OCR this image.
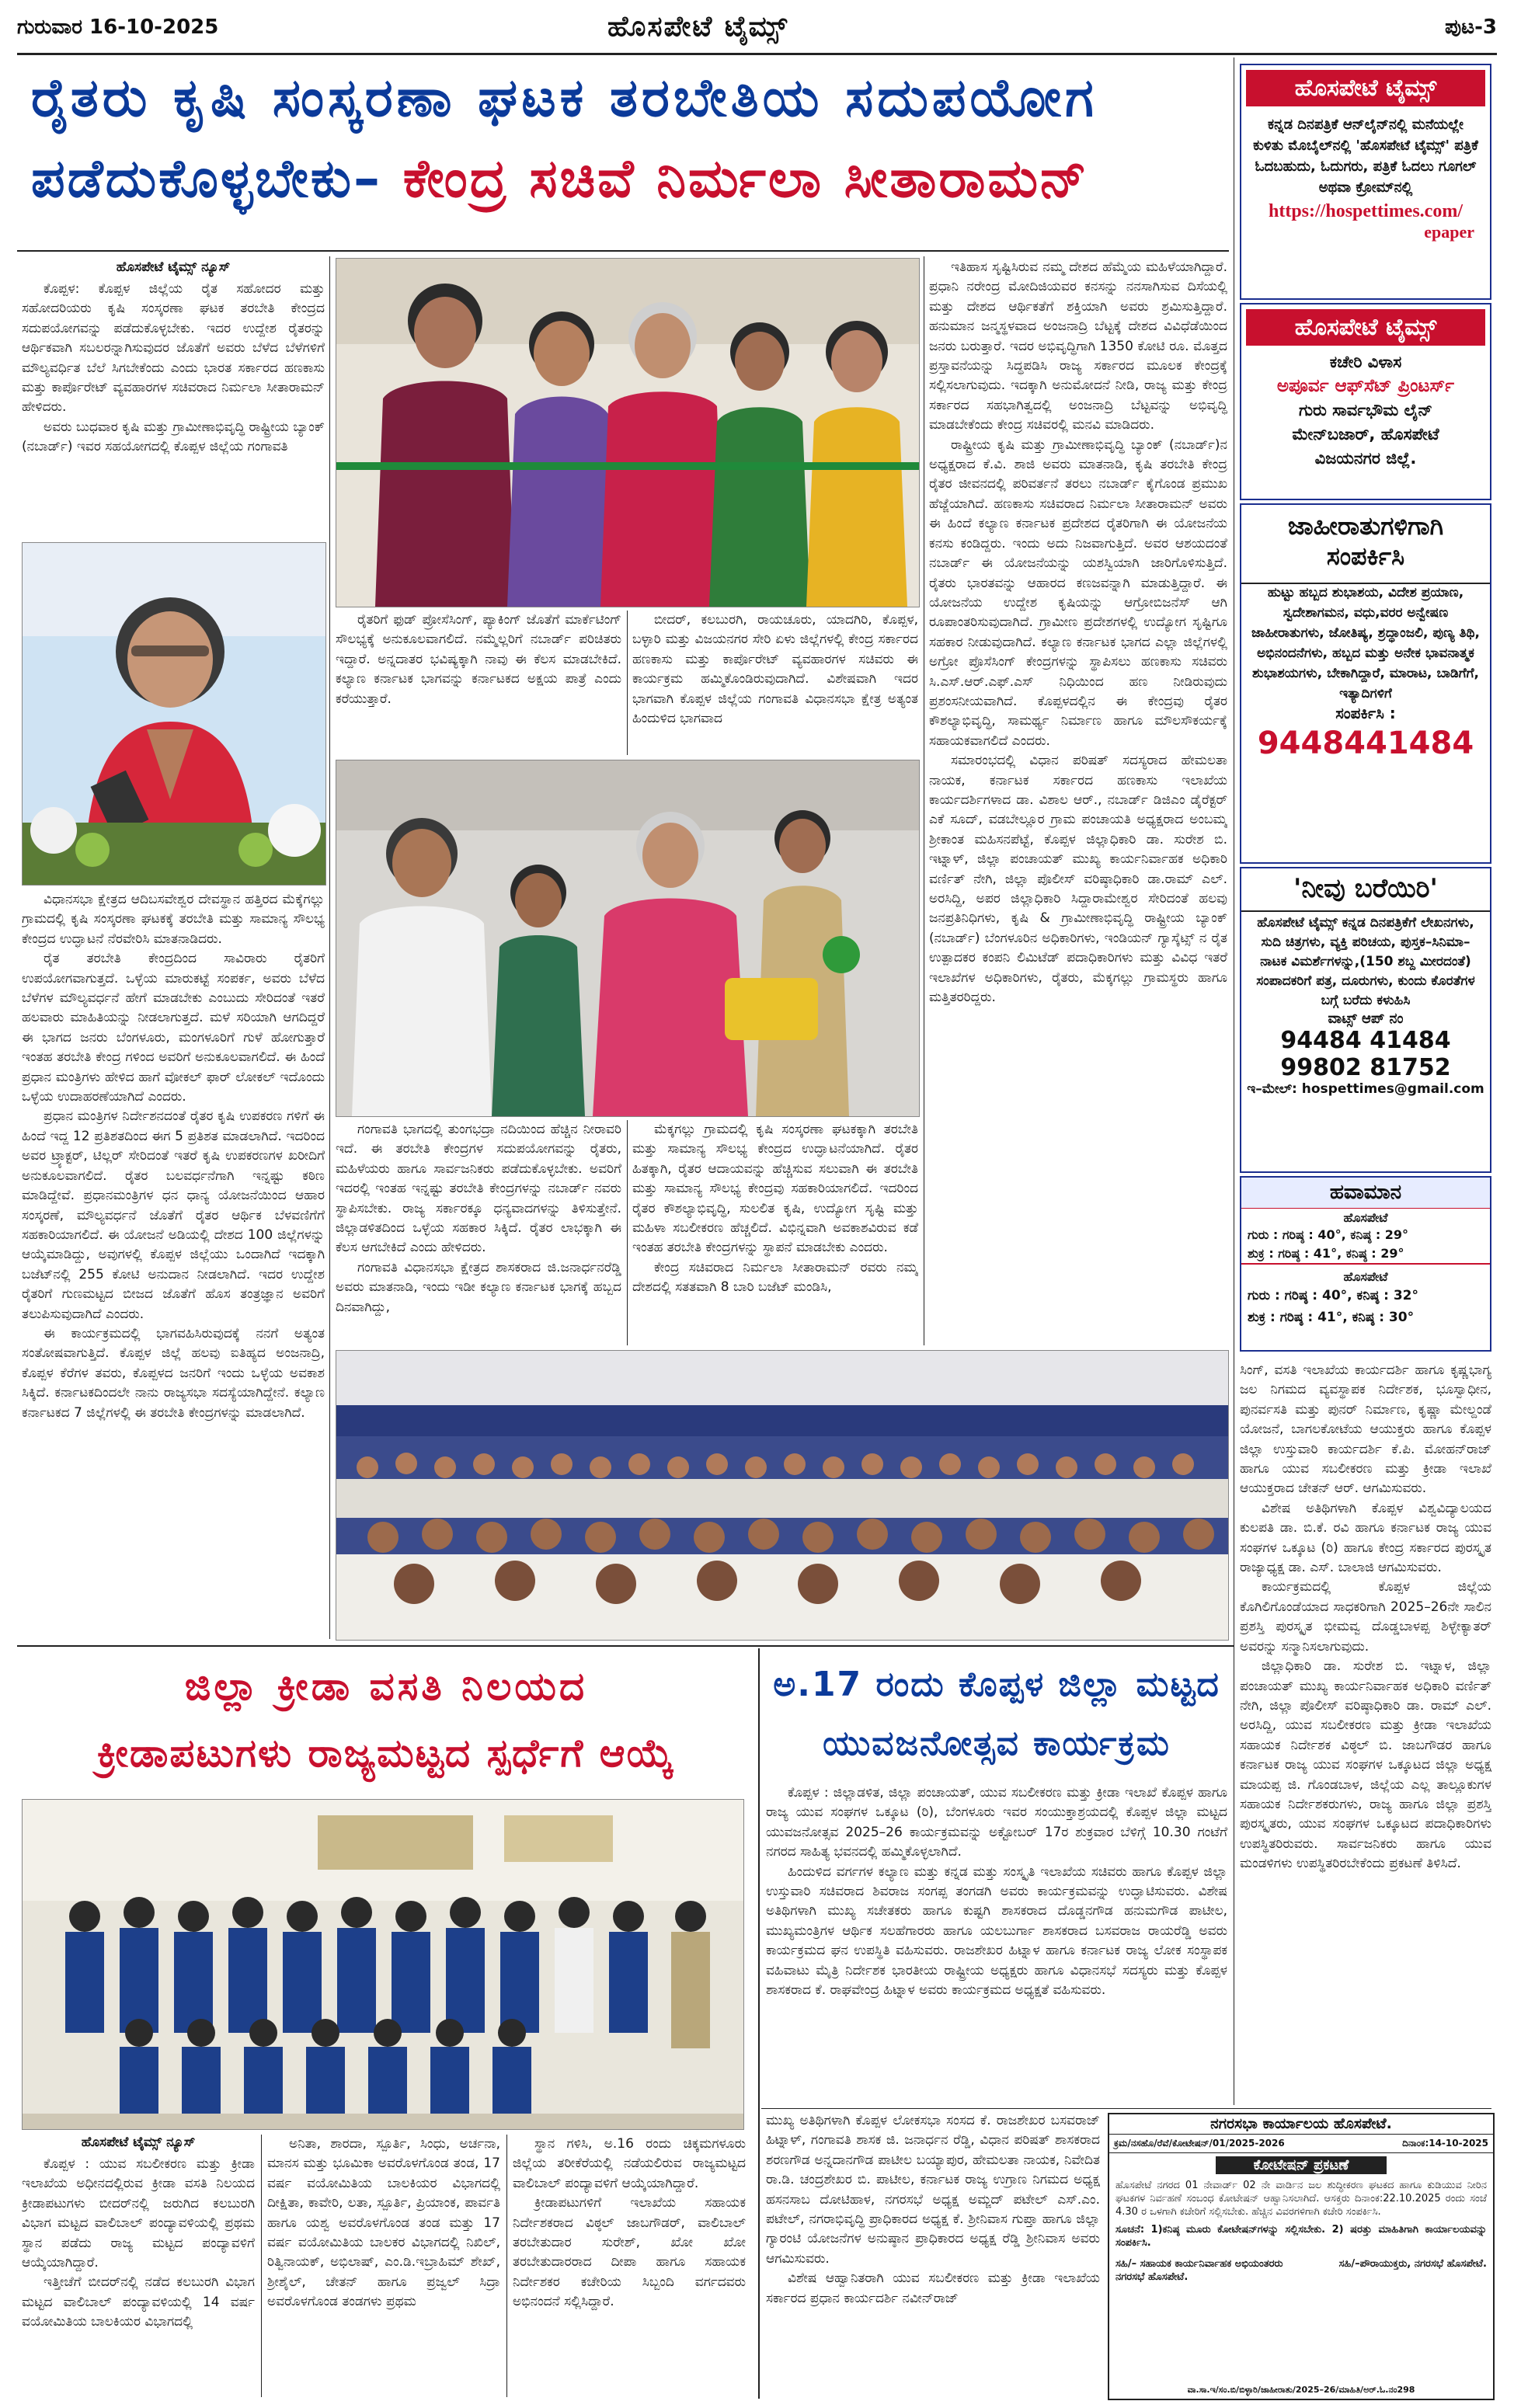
ಗುರುವಾರ 16-10-2025	ಹೊಸಪೇಟೆ ಟೈಮ್ಸ್	ಪುಟ-3
ರೈತರು ಕೃಷಿ ಸಂಸ್ಕರಣಾ ಘಟಕ ತರಬೇತಿಯ ಸದುಪಯೋಗ
ಪಡೆದುಕೊಳ್ಳಬೇಕು– ಕೇಂದ್ರ ಸಚಿವೆ ನಿರ್ಮಲಾ ಸೀತಾರಾಮನ್
ಹೊಸಪೇಟೆ ಟೈಮ್ಸ್ ನ್ಯೂಸ್

ಕೊಪ್ಪಳ: ಕೊಪ್ಪಳ ಜಿಲ್ಲೆಯ ರೈತ ಸಹೋದರ ಮತ್ತು ಸಹೋದರಿಯರು ಕೃಷಿ ಸಂಸ್ಕರಣಾ ಘಟಕ ತರಬೇತಿ ಕೇಂದ್ರದ ಸದುಪಯೋಗವನ್ನು ಪಡೆದುಕೊಳ್ಳಬೇಕು. ಇದರ ಉದ್ದೇಶ ರೈತರನ್ನು ಆರ್ಥಿಕವಾಗಿ ಸಬಲರನ್ನಾಗಿಸುವುದರ ಜೊತೆಗೆ ಅವರು ಬೆಳೆದ ಬೆಳೆಗಳಿಗೆ ಮೌಲ್ಯವರ್ಧಿತ ಬೆಲೆ ಸಿಗಬೇಕೆಂದು ಎಂದು ಭಾರತ ಸರ್ಕಾರದ ಹಣಕಾಸು ಮತ್ತು ಕಾರ್ಪೊರೇಟ್ ವ್ಯವಹಾರಗಳ ಸಚಿವರಾದ ನಿರ್ಮಲಾ ಸೀತಾರಾಮನ್ ಹೇಳಿದರು.

ಅವರು ಬುಧವಾರ ಕೃಷಿ ಮತ್ತು ಗ್ರಾಮೀಣಾಭಿವೃದ್ಧಿ ರಾಷ್ಟ್ರೀಯ ಬ್ಯಾಂಕ್ (ನಬಾರ್ಡ್) ಇವರ ಸಹಯೋಗದಲ್ಲಿ ಕೊಪ್ಪಳ ಜಿಲ್ಲೆಯ ಗಂಗಾವತಿ

ವಿಧಾನಸಭಾ ಕ್ಷೇತ್ರದ ಆದಿಬಸವೇಶ್ವರ ದೇವಸ್ಥಾನ ಹತ್ತಿರದ ಮೆಕ್ಕೆಗಲ್ಲು ಗ್ರಾಮದಲ್ಲಿ ಕೃಷಿ ಸಂಸ್ಕರಣಾ ಘಟಕಕ್ಕೆ ತರಬೇತಿ ಮತ್ತು ಸಾಮಾನ್ಯ ಸೌಲಭ್ಯ ಕೇಂದ್ರದ ಉದ್ಘಾಟನೆ ನೆರವೇರಿಸಿ ಮಾತನಾಡಿದರು.

ರೈತ ತರಬೇತಿ ಕೇಂದ್ರದಿಂದ ಸಾವಿರಾರು ರೈತರಿಗೆ ಉಪಯೋಗವಾಗುತ್ತದೆ. ಒಳ್ಳೆಯ ಮಾರುಕಟ್ಟೆ ಸಂಪರ್ಕ, ಅವರು ಬೆಳೆದ ಬೆಳೆಗಳ ಮೌಲ್ಯವರ್ಧನೆ ಹೇಗೆ ಮಾಡಬೇಕು ಎಂಬುದು ಸೇರಿದಂತೆ ಇತರೆ ಹಲವಾರು ಮಾಹಿತಿಯನ್ನು ನೀಡಲಾಗುತ್ತದೆ. ಮಳೆ ಸರಿಯಾಗಿ ಆಗದಿದ್ದರೆ ಈ ಭಾಗದ ಜನರು ಬೆಂಗಳೂರು, ಮಂಗಳೂರಿಗೆ ಗುಳೆ ಹೋಗುತ್ತಾರೆ ಇಂತಹ ತರಬೇತಿ ಕೇಂದ್ರ ಗಳಿಂದ ಅವರಿಗೆ ಅನುಕೂಲವಾಗಲಿದೆ. ಈ ಹಿಂದೆ ಪ್ರಧಾನ ಮಂತ್ರಿಗಳು ಹೇಳಿದ ಹಾಗೆ ವೋಕಲ್ ಫಾರ್ ಲೋಕಲ್ ಇದೊಂದು ಒಳ್ಳೆಯ ಉದಾಹರಣೆಯಾಗಿದೆ ಎಂದರು.

ಪ್ರಧಾನ ಮಂತ್ರಿಗಳ ನಿರ್ದೇಶನದಂತೆ ರೈತರ ಕೃಷಿ ಉಪಕರಣ ಗಳಿಗೆ ಈ ಹಿಂದೆ ಇದ್ದ 12 ಪ್ರತಿಶತದಿಂದ ಈಗ 5 ಪ್ರತಿಶತ ಮಾಡಲಾಗಿದೆ. ಇದರಿಂದ ಅವರ ಟ್ರ್ಯಾಕ್ಟರ್, ಟಿಲ್ಲರ್ ಸೇರಿದಂತೆ ಇತರೆ ಕೃಷಿ ಉಪಕರಣಗಳ ಖರೀದಿಗೆ ಅನುಕೂಲವಾಗಲಿದೆ. ರೈತರ ಬಲವರ್ಧನೆಗಾಗಿ ಇನ್ನಷ್ಟು ಕಠಿಣ ಮಾಡಿದ್ದೇವೆ. ಪ್ರಧಾನಮಂತ್ರಿಗಳ ಧನ ಧಾನ್ಯ ಯೋಜನೆಯಿಂದ ಆಹಾರ ಸಂಸ್ಕರಣೆ, ಮೌಲ್ಯವರ್ಧನೆ ಜೊತೆಗೆ ರೈತರ ಆರ್ಥಿಕ ಬೆಳವಣಿಗೆಗೆ ಸಹಕಾರಿಯಾಗಲಿದೆ. ಈ ಯೋಜನೆ ಅಡಿಯಲ್ಲಿ ದೇಶದ 100 ಜಿಲ್ಲೆಗಳನ್ನು ಆಯ್ಕೆಮಾಡಿದ್ದು, ಅವುಗಳಲ್ಲಿ ಕೊಪ್ಪಳ ಜಿಲ್ಲೆಯು ಒಂದಾಗಿದೆ ಇದಕ್ಕಾಗಿ ಬಜೆಟ್‌ನಲ್ಲಿ 255 ಕೋಟಿ ಅನುದಾನ ನೀಡಲಾಗಿದೆ. ಇದರ ಉದ್ದೇಶ ರೈತರಿಗೆ ಗುಣಮಟ್ಟದ ಬೀಜದ ಜೊತೆಗೆ ಹೊಸ ತಂತ್ರಜ್ಞಾನ ಅವರಿಗೆ ತಲುಪಿಸುವುದಾಗಿದೆ ಎಂದರು.

ಈ ಕಾರ್ಯಕ್ರಮದಲ್ಲಿ ಭಾಗವಹಿಸಿರುವುದಕ್ಕೆ ನನಗೆ ಅತ್ಯಂತ ಸಂತೋಷವಾಗುತ್ತಿದೆ. ಕೊಪ್ಪಳ ಜಿಲ್ಲೆ ಹಲವು ಐತಿಹ್ಯದ ಅಂಜನಾದ್ರಿ, ಕೊಪ್ಪಳ ಕೆರೆಗಳ ತವರು, ಕೊಪ್ಪಳದ ಜನರಿಗೆ ಇಂದು ಒಳ್ಳೆಯ ಅವಕಾಶ ಸಿಕ್ಕಿದೆ. ಕರ್ನಾಟಕದಿಂದಲೇ ನಾನು ರಾಜ್ಯಸಭಾ ಸದಸ್ಯೆಯಾಗಿದ್ದೇನೆ. ಕಲ್ಯಾಣ ಕರ್ನಾಟಕದ 7 ಜಿಲ್ಲೆಗಳಲ್ಲಿ ಈ ತರಬೇತಿ ಕೇಂದ್ರಗಳನ್ನು ಮಾಡಲಾಗಿದೆ.

ರೈತರಿಗೆ ಫುಡ್ ಪ್ರೋಸೆಸಿಂಗ್, ಪ್ಯಾಕಿಂಗ್ ಜೊತೆಗೆ ಮಾರ್ಕೆಟಿಂಗ್ ಸೌಲಭ್ಯಕ್ಕೆ ಅನುಕೂಲವಾಗಲಿದೆ. ನಮ್ಮೆಲ್ಲರಿಗೆ ನಬಾರ್ಡ್ ಪರಿಚಿತರು ಇದ್ದಾರೆ. ಅನ್ನದಾತರ ಭವಿಷ್ಯಕ್ಕಾಗಿ ನಾವು ಈ ಕೆಲಸ ಮಾಡಬೇಕಿದೆ. ಕಲ್ಯಾಣ ಕರ್ನಾಟಕ ಭಾಗವನ್ನು ಕರ್ನಾಟಕದ ಅಕ್ಷಯ ಪಾತ್ರೆ ಎಂದು ಕರೆಯುತ್ತಾರೆ.

ಬೀದರ್, ಕಲಬುರಗಿ, ರಾಯಚೂರು, ಯಾದಗಿರಿ, ಕೊಪ್ಪಳ, ಬಳ್ಳಾರಿ ಮತ್ತು ವಿಜಯನಗರ ಸೇರಿ ಏಳು ಜಿಲ್ಲೆಗಳಲ್ಲಿ ಕೇಂದ್ರ ಸರ್ಕಾರದ ಹಣಕಾಸು ಮತ್ತು ಕಾರ್ಪೊರೇಟ್ ವ್ಯವಹಾರಗಳ ಸಚಿವರು ಈ ಕಾರ್ಯಕ್ರಮ ಹಮ್ಮಿಕೊಂಡಿರುವುದಾಗಿದೆ. ವಿಶೇಷವಾಗಿ ಇದರ ಭಾಗವಾಗಿ ಕೊಪ್ಪಳ ಜಿಲ್ಲೆಯ ಗಂಗಾವತಿ ವಿಧಾನಸಭಾ ಕ್ಷೇತ್ರ ಅತ್ಯಂತ ಹಿಂದುಳಿದ ಭಾಗವಾದ

ಗಂಗಾವತಿ ಭಾಗದಲ್ಲಿ ತುಂಗಭದ್ರಾ ನದಿಯಿಂದ ಹೆಚ್ಚಿನ ನೀರಾವರಿ ಇದೆ. ಈ ತರಬೇತಿ ಕೇಂದ್ರಗಳ ಸದುಪಯೋಗವನ್ನು ರೈತರು, ಮಹಿಳೆಯರು ಹಾಗೂ ಸಾರ್ವಜನಿಕರು ಪಡೆದುಕೊಳ್ಳಬೇಕು. ಅವರಿಗೆ ಇದರಲ್ಲಿ ಇಂತಹ ಇನ್ನಷ್ಟು ತರಬೇತಿ ಕೇಂದ್ರಗಳನ್ನು ನಬಾರ್ಡ್ ನವರು ಸ್ಥಾಪಿಸಬೇಕು. ರಾಜ್ಯ ಸರ್ಕಾರಕ್ಕೂ ಧನ್ಯವಾದಗಳನ್ನು ತಿಳಿಸುತ್ತೇನೆ. ಜಿಲ್ಲಾಡಳಿತದಿಂದ ಒಳ್ಳೆಯ ಸಹಕಾರ ಸಿಕ್ಕಿದೆ. ರೈತರ ಲಾಭಕ್ಕಾಗಿ ಈ ಕೆಲಸ ಆಗಬೇಕಿದೆ ಎಂದು ಹೇಳಿದರು.

ಗಂಗಾವತಿ ವಿಧಾನಸಭಾ ಕ್ಷೇತ್ರದ ಶಾಸಕರಾದ ಜಿ.ಜನಾರ್ಧನರೆಡ್ಡಿ ಅವರು ಮಾತನಾಡಿ, ಇಂದು ಇಡೀ ಕಲ್ಯಾಣ ಕರ್ನಾಟಕ ಭಾಗಕ್ಕೆ ಹಬ್ಬದ ದಿನವಾಗಿದ್ದು,

ಮೆಕ್ಕಗಲ್ಲು ಗ್ರಾಮದಲ್ಲಿ ಕೃಷಿ ಸಂಸ್ಕರಣಾ ಘಟಕಕ್ಕಾಗಿ ತರಬೇತಿ ಮತ್ತು ಸಾಮಾನ್ಯ ಸೌಲಭ್ಯ ಕೇಂದ್ರದ ಉದ್ಘಾಟನೆಯಾಗಿದೆ. ರೈತರ ಹಿತಕ್ಕಾಗಿ, ರೈತರ ಆದಾಯವನ್ನು ಹೆಚ್ಚಿಸುವ ಸಲುವಾಗಿ ಈ ತರಬೇತಿ ಮತ್ತು ಸಾಮಾನ್ಯ ಸೌಲಭ್ಯ ಕೇಂದ್ರವು ಸಹಕಾರಿಯಾಗಲಿದೆ. ಇದರಿಂದ ರೈತರ ಕೌಶಲ್ಯಾಭಿವೃದ್ಧಿ, ಸುಲಲಿತ ಕೃಷಿ, ಉದ್ಯೋಗ ಸೃಷ್ಟಿ ಮತ್ತು ಮಹಿಳಾ ಸಬಲೀಕರಣ ಹೆಚ್ಚಲಿದೆ. ವಿಭಿನ್ನವಾಗಿ ಅವಕಾಶವಿರುವ ಕಡೆ ಇಂತಹ ತರಬೇತಿ ಕೇಂದ್ರಗಳನ್ನು ಸ್ಥಾಪನೆ ಮಾಡಬೇಕು ಎಂದರು.

ಕೇಂದ್ರ ಸಚಿವರಾದ ನಿರ್ಮಲಾ ಸೀತಾರಾಮನ್ ರವರು ನಮ್ಮ ದೇಶದಲ್ಲಿ ಸತತವಾಗಿ 8 ಬಾರಿ ಬಜೆಟ್ ಮಂಡಿಸಿ,

ಇತಿಹಾಸ ಸೃಷ್ಟಿಸಿರುವ ನಮ್ಮ ದೇಶದ ಹೆಮ್ಮೆಯ ಮಹಿಳೆಯಾಗಿದ್ದಾರೆ. ಪ್ರಧಾನಿ ನರೇಂದ್ರ ಮೋದಿಜಿಯವರ ಕನಸನ್ನು ನನಸಾಗಿಸುವ ದಿಸೆಯಲ್ಲಿ ಮತ್ತು ದೇಶದ ಆರ್ಥಿಕತೆಗೆ ಶಕ್ತಿಯಾಗಿ ಅವರು ಶ್ರಮಿಸುತ್ತಿದ್ದಾರೆ. ಹನುಮಾನ ಜನ್ಮಸ್ಥಳವಾದ ಅಂಜನಾದ್ರಿ ಬೆಟ್ಟಕ್ಕೆ ದೇಶದ ವಿವಿಧೆಡೆಯಿಂದ ಜನರು ಬರುತ್ತಾರೆ. ಇದರ ಅಭಿವೃದ್ಧಿಗಾಗಿ 1350 ಕೋಟಿ ರೂ. ಮೊತ್ತದ ಪ್ರಸ್ತಾವನೆಯನ್ನು ಸಿದ್ಧಪಡಿಸಿ ರಾಜ್ಯ ಸರ್ಕಾರದ ಮೂಲಕ ಕೇಂದ್ರಕ್ಕೆ ಸಲ್ಲಿಸಲಾಗುವುದು. ಇದಕ್ಕಾಗಿ ಅನುಮೋದನೆ ನೀಡಿ, ರಾಜ್ಯ ಮತ್ತು ಕೇಂದ್ರ ಸರ್ಕಾರದ ಸಹಭಾಗಿತ್ವದಲ್ಲಿ ಅಂಜನಾದ್ರಿ ಬೆಟ್ಟವನ್ನು ಅಭಿವೃದ್ಧಿ ಮಾಡಬೇಕೆಂದು ಕೇಂದ್ರ ಸಚಿವರಲ್ಲಿ ಮನವಿ ಮಾಡಿದರು.

ರಾಷ್ಟ್ರೀಯ ಕೃಷಿ ಮತ್ತು ಗ್ರಾಮೀಣಾಭಿವೃದ್ಧಿ ಬ್ಯಾಂಕ್ (ನಬಾರ್ಡ್)ನ ಅಧ್ಯಕ್ಷರಾದ ಕೆ.ವಿ. ಶಾಜಿ ಅವರು ಮಾತನಾಡಿ, ಕೃಷಿ ತರಬೇತಿ ಕೇಂದ್ರ ರೈತರ ಜೀವನದಲ್ಲಿ ಪರಿವರ್ತನೆ ತರಲು ನಬಾರ್ಡ್ ಕೈಗೊಂಡ ಪ್ರಮುಖ ಹೆಜ್ಜೆಯಾಗಿದೆ. ಹಣಕಾಸು ಸಚಿವರಾದ ನಿರ್ಮಲಾ ಸೀತಾರಾಮನ್ ಅವರು ಈ ಹಿಂದೆ ಕಲ್ಯಾಣ ಕರ್ನಾಟಕ ಪ್ರದೇಶದ ರೈತರಿಗಾಗಿ ಈ ಯೋಜನೆಯ ಕನಸು ಕಂಡಿದ್ದರು. ಇಂದು ಅದು ನಿಜವಾಗುತ್ತಿದೆ. ಅವರ ಆಶಯದಂತೆ ನಬಾರ್ಡ್ ಈ ಯೋಜನೆಯನ್ನು ಯಶಸ್ವಿಯಾಗಿ ಜಾರಿಗೊಳಿಸುತ್ತಿದೆ. ರೈತರು ಭಾರತವನ್ನು ಆಹಾರದ ಕಣಜವನ್ನಾಗಿ ಮಾಡುತ್ತಿದ್ದಾರೆ. ಈ ಯೋಜನೆಯ ಉದ್ದೇಶ ಕೃಷಿಯನ್ನು ಆಗ್ರೋಬಿಜನೆಸ್ ಆಗಿ ರೂಪಾಂತರಿಸುವುದಾಗಿದೆ. ಗ್ರಾಮೀಣ ಪ್ರದೇಶಗಳಲ್ಲಿ ಉದ್ಯೋಗ ಸೃಷ್ಟಿಗೂ ಸಹಕಾರ ನೀಡುವುದಾಗಿದೆ. ಕಲ್ಯಾಣ ಕರ್ನಾಟಕ ಭಾಗದ ಎಲ್ಲಾ ಜಿಲ್ಲೆಗಳಲ್ಲಿ ಅಗ್ರೋ ಪ್ರೊಸೆಸಿಂಗ್ ಕೇಂದ್ರಗಳನ್ನು ಸ್ಥಾಪಿಸಲು ಹಣಕಾಸು ಸಚಿವರು ಸಿ.ಎಸ್.ಆರ್.ಎಫ್.ಎಸ್ ನಿಧಿಯಿಂದ ಹಣ ನೀಡಿರುವುದು ಪ್ರಶಂಸನೀಯವಾಗಿದೆ. ಕೊಪ್ಪಳದಲ್ಲಿನ ಈ ಕೇಂದ್ರವು ರೈತರ ಕೌಶಲ್ಯಾಭಿವೃದ್ಧಿ, ಸಾಮರ್ಥ್ಯ ನಿರ್ಮಾಣ ಹಾಗೂ ಮೌಲಸೌಕರ್ಯಕ್ಕೆ ಸಹಾಯಕವಾಗಲಿದೆ ಎಂದರು.

ಸಮಾರಂಭದಲ್ಲಿ ವಿಧಾನ ಪರಿಷತ್ ಸದಸ್ಯರಾದ ಹೇಮಲತಾ ನಾಯಕ, ಕರ್ನಾಟಕ ಸರ್ಕಾರದ ಹಣಕಾಸು ಇಲಾಖೆಯ ಕಾರ್ಯದರ್ಶಿಗಳಾದ ಡಾ. ವಿಶಾಲ ಆರ್., ನಬಾರ್ಡ್ ಡಿಜಿಎಂ ಡೈರೆಕ್ಟರ್ ಎಕೆ ಸೂದ್, ವಡಬೇಲ್ಲೂರ ಗ್ರಾಮ ಪಂಚಾಯತಿ ಅಧ್ಯಕ್ಷರಾದ ಅಂಬಮ್ಮ ಶ್ರೀಕಾಂತ ಮಹಿಸನಪೆಟ್ಟೆ, ಕೊಪ್ಪಳ ಜಿಲ್ಲಾಧಿಕಾರಿ ಡಾ. ಸುರೇಶ ಬಿ. ಇಟ್ನಾಳ್, ಜಿಲ್ಲಾ ಪಂಚಾಯತ್ ಮುಖ್ಯ ಕಾರ್ಯನಿರ್ವಾಹಕ ಅಧಿಕಾರಿ ವರ್ಣಿತ್ ನೇಗಿ, ಜಿಲ್ಲಾ ಪೊಲೀಸ್ ವರಿಷ್ಠಾಧಿಕಾರಿ ಡಾ.ರಾಮ್ ಎಲ್. ಅರಸಿದ್ದಿ, ಅಪರ ಜಿಲ್ಲಾಧಿಕಾರಿ ಸಿದ್ದಾರಾಮೇಶ್ವರ ಸೇರಿದಂತೆ ಹಲವು ಜನಪ್ರತಿನಿಧಿಗಳು, ಕೃಷಿ & ಗ್ರಾಮೀಣಾಭಿವೃದ್ಧಿ ರಾಷ್ಟ್ರೀಯ ಬ್ಯಾಂಕ್ (ನಬಾರ್ಡ್) ಬೆಂಗಳೂರಿನ ಅಧಿಕಾರಿಗಳು, ಇಂಡಿಯನ್ ಗ್ಯಾಸ್ಕೆಟ್ಸ್ ನ ರೈತ ಉತ್ಪಾದಕರ ಕಂಪನಿ ಲಿಮಿಟೆಡ್ ಪದಾಧಿಕಾರಿಗಳು ಮತ್ತು ವಿವಿಧ ಇತರೆ ಇಲಾಖೆಗಳ ಅಧಿಕಾರಿಗಳು, ರೈತರು, ಮೆಕ್ಕಗಲ್ಲು ಗ್ರಾಮಸ್ಥರು ಹಾಗೂ ಮತ್ತಿತರರಿದ್ದರು.

ಹೊಸಪೇಟೆ ಟೈಮ್ಸ್
ಕನ್ನಡ ದಿನಪತ್ರಿಕೆ ಆನ್‌ಲೈನ್‌ನಲ್ಲಿ ಮನೆಯಲ್ಲೇ ಕುಳಿತು ಮೊಬೈಲ್‌ನಲ್ಲಿ 'ಹೊಸಪೇಟೆ ಟೈಮ್ಸ್' ಪತ್ರಿಕೆ ಓದಬಹುದು, ಓದುಗರು, ಪತ್ರಿಕೆ ಓದಲು ಗೂಗಲ್ ಅಥವಾ ಕ್ರೋಮ್‌ನಲ್ಲಿ
https://hospettimes.com/
epaper
ಹೊಸಪೇಟೆ ಟೈಮ್ಸ್
ಕಚೇರಿ ವಿಳಾಸ
ಅಪೂರ್ವ ಆಫ್‌ಸೆಟ್ ಪ್ರಿಂಟರ್ಸ್
ಗುರು ಸಾರ್ವಭೌಮ ಲೈನ್
ಮೇನ್‌ಬಜಾರ್, ಹೊಸಪೇಟೆ
ವಿಜಯನಗರ ಜಿಲ್ಲೆ.
ಜಾಹೀರಾತುಗಳಿಗಾಗಿ
ಸಂಪರ್ಕಿಸಿ
ಹುಟ್ಟು ಹಬ್ಬದ ಶುಭಾಶಯ, ವಿದೇಶ ಪ್ರಯಾಣ, ಸ್ವದೇಶಾಗಮನ, ವಧು,ವರರ ಅನ್ವೇಷಣ ಜಾಹೀರಾತುಗಳು, ಜೋತಿಷ್ಯ, ಶ್ರದ್ಧಾಂಜಲಿ, ಪುಣ್ಯ ತಿಥಿ, ಅಭಿನಂದನೆಗಳು, ಹಬ್ಬದ ಮತ್ತು ಅನೇಕ ಭಾವನಾತ್ಮಕ ಶುಭಾಶಯಗಳು, ಬೇಕಾಗಿದ್ದಾರೆ, ಮಾರಾಟ, ಬಾಡಿಗೆಗೆ, ಇತ್ಯಾದಿಗಳಿಗೆ
ಸಂಪರ್ಕಿಸಿ :
9448441484
'ನೀವು ಬರೆಯಿರಿ'
ಹೊಸಪೇಟೆ ಟೈಮ್ಸ್ ಕನ್ನಡ ದಿನಪತ್ರಿಕೆಗೆ ಲೇಖನಗಳು, ಸುದಿ ಚಿತ್ರಗಳು, ವ್ಯಕ್ತಿ ಪರಿಚಯ, ಪುಸ್ತಕ–ಸಿನಿಮಾ–ನಾಟಕ ವಿಮರ್ಶೆಗಳನ್ನು,(150 ಶಬ್ದ ಮೀರದಂತೆ) ಸಂಪಾದಕರಿಗೆ ಪತ್ರ, ದೂರುಗಳು, ಕುಂದು ಕೊರತೆಗಳ ಬಗ್ಗೆ ಬರೆದು ಕಳುಹಿಸಿ
ವಾಟ್ಸ್ ಆಪ್ ನಂ
94484 41484
99802 81752
ಇ–ಮೇಲ್: hospettimes@gmail.com
ಹವಾಮಾನ
ಹೊಸಪೇಟೆ
ಗುರು : ಗರಿಷ್ಠ : 40°, ಕನಿಷ್ಠ : 29°
ಶುಕ್ರ : ಗರಿಷ್ಠ : 41°, ಕನಿಷ್ಠ : 29°
ಹೊಸಪೇಟೆ
ಗುರು : ಗರಿಷ್ಠ : 40°, ಕನಿಷ್ಠ : 32°
ಶುಕ್ರ : ಗರಿಷ್ಠ : 41°, ಕನಿಷ್ಠ : 30°

ಸಿಂಗ್, ವಸತಿ ಇಲಾಖೆಯ ಕಾರ್ಯದರ್ಶಿ ಹಾಗೂ ಕೃಷ್ಣಭಾಗ್ಯ ಜಲ ನಿಗಮದ ವ್ಯವಸ್ಥಾಪಕ ನಿರ್ದೇಶಕ, ಭೂಸ್ವಾಧೀನ, ಪುನರ್ವಸತಿ ಮತ್ತು ಪುನರ್ ನಿರ್ಮಾಣ, ಕೃಷ್ಣಾ ಮೇಲ್ದಂಡೆ ಯೋಜನೆ, ಬಾಗಲಕೋಟೆಯ ಆಯುಕ್ತರು ಹಾಗೂ ಕೊಪ್ಪಳ ಜಿಲ್ಲಾ ಉಸ್ತುವಾರಿ ಕಾರ್ಯದರ್ಶಿ ಕೆ.ಪಿ. ಮೋಹನ್‌ರಾಜ್ ಹಾಗೂ ಯುವ ಸಬಲೀಕರಣ ಮತ್ತು ಕ್ರೀಡಾ ಇಲಾಖೆ ಆಯುಕ್ತರಾದ ಚೇತನ್ ಆರ್. ಆಗಮಿಸುವರು.

ವಿಶೇಷ ಅತಿಥಿಗಳಾಗಿ ಕೊಪ್ಪಳ ವಿಶ್ವವಿದ್ಯಾಲಯದ ಕುಲಪತಿ ಡಾ. ಬಿ.ಕೆ. ರವಿ ಹಾಗೂ ಕರ್ನಾಟಕ ರಾಜ್ಯ ಯುವ ಸಂಘಗಳ ಒಕ್ಕೂಟ (ರಿ) ಹಾಗೂ ಕೇಂದ್ರ ಸರ್ಕಾರದ ಪುರಸ್ಕೃತ ರಾಜ್ಯಾಧ್ಯಕ್ಷ ಡಾ. ಎಸ್. ಬಾಲಾಜಿ ಆಗಮಿಸುವರು.

ಕಾರ್ಯಕ್ರಮದಲ್ಲಿ ಕೊಪ್ಪಳ ಜಿಲ್ಲೆಯ ಕೊಗಿಲಿಗೊಂಡೆಯಾದ ಸಾಧಕರಿಗಾಗಿ 2025–26ನೇ ಸಾಲಿನ ಪ್ರಶಸ್ತಿ ಪುರಸ್ಕೃತ ಭೀಮವ್ವ ದೊಡ್ಡಬಾಳಪ್ಪ ಶಿಳ್ಳೇಕ್ಯಾತರ್ ಅವರನ್ನು ಸನ್ಮಾನಿಸಲಾಗುವುದು.

ಜಿಲ್ಲಾಧಿಕಾರಿ ಡಾ. ಸುರೇಶ ಬಿ. ಇಟ್ನಾಳ, ಜಿಲ್ಲಾ ಪಂಚಾಯತ್ ಮುಖ್ಯ ಕಾರ್ಯನಿರ್ವಾಹಕ ಅಧಿಕಾರಿ ವರ್ಣಿತ್ ನೇಗಿ, ಜಿಲ್ಲಾ ಪೊಲೀಸ್ ವರಿಷ್ಠಾಧಿಕಾರಿ ಡಾ. ರಾಮ್ ಎಲ್. ಅರಸಿದ್ದಿ, ಯುವ ಸಬಲೀಕರಣ ಮತ್ತು ಕ್ರೀಡಾ ಇಲಾಖೆಯ ಸಹಾಯಕ ನಿರ್ದೇಶಕ ವಿಠ್ಠಲ್ ಬಿ. ಜಾಬಗೌಡರ ಹಾಗೂ ಕರ್ನಾಟಕ ರಾಜ್ಯ ಯುವ ಸಂಘಗಳ ಒಕ್ಕೂಟದ ಜಿಲ್ಲಾ ಅಧ್ಯಕ್ಷ ಮಾಯಪ್ಪ ಜಿ. ಗೊಂಡಬಾಳ, ಜಿಲ್ಲೆಯ ಎಲ್ಲ ತಾಲ್ಲೂಕುಗಳ ಸಹಾಯಕ ನಿರ್ದೇಶಕರುಗಳು, ರಾಜ್ಯ ಹಾಗೂ ಜಿಲ್ಲಾ ಪ್ರಶಸ್ತಿ ಪುರಸ್ಕೃತರು, ಯುವ ಸಂಘಗಳ ಒಕ್ಕೂಟದ ಪದಾಧಿಕಾರಿಗಳು ಉಪಸ್ಥಿತರಿರುವರು. ಸಾರ್ವಜನಿಕರು ಹಾಗೂ ಯುವ ಮಂಡಳಿಗಳು ಉಪಸ್ಥಿತರಿರಬೇಕೆಂದು ಪ್ರಕಟಣೆ ತಿಳಿಸಿದೆ.

ಜಿಲ್ಲಾ ಕ್ರೀಡಾ ವಸತಿ ನಿಲಯದ
ಕ್ರೀಡಾಪಟುಗಳು ರಾಜ್ಯಮಟ್ಟದ ಸ್ಪರ್ಧೆಗೆ ಆಯ್ಕೆ
ಹೊಸಪೇಟೆ ಟೈಮ್ಸ್ ನ್ಯೂಸ್

ಕೊಪ್ಪಳ : ಯುವ ಸಬಲೀಕರಣ ಮತ್ತು ಕ್ರೀಡಾ ಇಲಾಖೆಯ ಅಧೀನದಲ್ಲಿರುವ ಕ್ರೀಡಾ ವಸತಿ ನಿಲಯದ ಕ್ರೀಡಾಪಟುಗಳು ಬೀದರ್‌ನಲ್ಲಿ ಜರುಗಿದ ಕಲಬುರಗಿ ವಿಭಾಗ ಮಟ್ಟದ ವಾಲಿಬಾಲ್ ಪಂದ್ಯಾವಳಿಯಲ್ಲಿ ಪ್ರಥಮ ಸ್ಥಾನ ಪಡೆದು ರಾಜ್ಯ ಮಟ್ಟದ ಪಂದ್ಯಾವಳಿಗೆ ಆಯ್ಕೆಯಾಗಿದ್ದಾರೆ.

ಇತ್ತೀಚೆಗೆ ಬೀದರ್‌ನಲ್ಲಿ ನಡೆದ ಕಲಬುರಗಿ ವಿಭಾಗ ಮಟ್ಟದ ವಾಲಿಬಾಲ್ ಪಂದ್ಯಾವಳಿಯಲ್ಲಿ 14 ವರ್ಷ ವಯೋಮಿತಿಯ ಬಾಲಕಿಯರ ವಿಭಾಗದಲ್ಲಿ

ಅನಿತಾ, ಶಾರದಾ, ಸ್ಪೂರ್ತಿ, ಸಿಂಧು, ಅರ್ಚನಾ, ಮಾನಸ ಮತ್ತು ಭೂಮಿಕಾ ಅವರೊಳಗೊಂಡ ತಂಡ, 17 ವರ್ಷ ವಯೋಮಿತಿಯ ಬಾಲಕಿಯರ ವಿಭಾಗದಲ್ಲಿ ದೀಕ್ಷಿತಾ, ಕಾವೇರಿ, ಲತಾ, ಸ್ಪೂರ್ತಿ, ಪ್ರಿಯಾಂಕ, ಪಾರ್ವತಿ ಹಾಗೂ ಯಶ್ವ ಅವರೊಳಗೊಂಡ ತಂಡ ಮತ್ತು 17 ವರ್ಷ ವಯೋಮಿತಿಯ ಬಾಲಕರ ವಿಭಾಗದಲ್ಲಿ ನಿಖಿಲ್, ರಿತ್ವಿನಾಯಕ್, ಅಭಿಲಾಷ್, ಎಂ.ಡಿ.ಇಬ್ರಾಹಿಮ್ ಶೇಖ್, ಶ್ರೀಶೈಲ್, ಚೇತನ್ ಹಾಗೂ ಪ್ರಜ್ವಲ್ ಸಿದ್ರಾ ಅವರೊಳಗೊಂಡ ತಂಡಗಳು ಪ್ರಥಮ

ಸ್ಥಾನ ಗಳಿಸಿ, ಅ.16 ರಂದು ಚಿಕ್ಕಮಗಳೂರು ಜಿಲ್ಲೆಯ ತರೀಕೆರೆಯಲ್ಲಿ ನಡೆಯಲಿರುವ ರಾಜ್ಯಮಟ್ಟದ ವಾಲಿಬಾಲ್ ಪಂದ್ಯಾವಳಿಗೆ ಆಯ್ಕೆಯಾಗಿದ್ದಾರೆ.

ಕ್ರೀಡಾಪಟುಗಳಿಗೆ ಇಲಾಖೆಯ ಸಹಾಯಕ ನಿರ್ದೇಶಕರಾದ ವಿಠ್ಠಲ್ ಜಾಬಗೌಡರ್, ವಾಲಿಬಾಲ್ ತರಬೇತುದಾರ ಸುರೇಶ್, ಖೋ ಖೋ ತರಬೇತುದಾರರಾದ ದೀಪಾ ಹಾಗೂ ಸಹಾಯಕ ನಿರ್ದೇಶಕರ ಕಚೇರಿಯ ಸಿಬ್ಬಂದಿ ವರ್ಗದವರು ಅಭಿನಂದನೆ ಸಲ್ಲಿಸಿದ್ದಾರೆ.

ಅ.17 ರಂದು ಕೊಪ್ಪಳ ಜಿಲ್ಲಾ ಮಟ್ಟದ
ಯುವಜನೋತ್ಸವ ಕಾರ್ಯಕ್ರಮ

ಕೊಪ್ಪಳ : ಜಿಲ್ಲಾಡಳಿತ, ಜಿಲ್ಲಾ ಪಂಚಾಯತ್, ಯುವ ಸಬಲೀಕರಣ ಮತ್ತು ಕ್ರೀಡಾ ಇಲಾಖೆ ಕೊಪ್ಪಳ ಹಾಗೂ ರಾಜ್ಯ ಯುವ ಸಂಘಗಳ ಒಕ್ಕೂಟ (ರಿ), ಬೆಂಗಳೂರು ಇವರ ಸಂಯುಕ್ತಾಶ್ರಯದಲ್ಲಿ ಕೊಪ್ಪಳ ಜಿಲ್ಲಾ ಮಟ್ಟದ ಯುವಜನೋತ್ಸವ 2025–26 ಕಾರ್ಯಕ್ರಮವನ್ನು ಅಕ್ಟೋಬರ್ 17ರ ಶುಕ್ರವಾರ ಬೆಳಿಗ್ಗೆ 10.30 ಗಂಟೆಗೆ ನಗರದ ಸಾಹಿತ್ಯ ಭವನದಲ್ಲಿ ಹಮ್ಮಿಕೊಳ್ಳಲಾಗಿದೆ.

ಹಿಂದುಳಿದ ವರ್ಗಗಳ ಕಲ್ಯಾಣ ಮತ್ತು ಕನ್ನಡ ಮತ್ತು ಸಂಸ್ಕೃತಿ ಇಲಾಖೆಯ ಸಚಿವರು ಹಾಗೂ ಕೊಪ್ಪಳ ಜಿಲ್ಲಾ ಉಸ್ತುವಾರಿ ಸಚಿವರಾದ ಶಿವರಾಜ ಸಂಗಪ್ಪ ತಂಗಡಗಿ ಅವರು ಕಾರ್ಯಕ್ರಮವನ್ನು ಉದ್ಘಾಟಿಸುವರು. ವಿಶೇಷ ಅತಿಥಿಗಳಾಗಿ ಮುಖ್ಯ ಸಚೇತಕರು ಹಾಗೂ ಕುಷ್ಟಗಿ ಶಾಸಕರಾದ ದೊಡ್ಡನಗೌಡ ಹನುಮಗೌಡ ಪಾಟೀಲ, ಮುಖ್ಯಮಂತ್ರಿಗಳ ಆರ್ಥಿಕ ಸಲಹೆಗಾರರು ಹಾಗೂ ಯಲಬುರ್ಗಾ ಶಾಸಕರಾದ ಬಸವರಾಜ ರಾಯರೆಡ್ಡಿ ಅವರು ಕಾರ್ಯಕ್ರಮದ ಘನ ಉಪಸ್ಥಿತಿ ವಹಿಸುವರು. ರಾಜಶೇಖರ ಹಿಟ್ನಾಳ ಹಾಗೂ ಕರ್ನಾಟಕ ರಾಜ್ಯ ಲೋಕ ಸಂಸ್ಥಾಪಕ ವಹಿವಾಟು ಮೈತ್ರಿ ನಿರ್ದೇಶಕ ಭಾರತೀಯ ರಾಷ್ಟ್ರೀಯ ಅಧ್ಯಕ್ಷರು ಹಾಗೂ ವಿಧಾನಸಭೆ ಸದಸ್ಯರು ಮತ್ತು ಕೊಪ್ಪಳ ಶಾಸಕರಾದ ಕೆ. ರಾಘವೇಂದ್ರ ಹಿಟ್ನಾಳ ಅವರು ಕಾರ್ಯಕ್ರಮದ ಅಧ್ಯಕ್ಷತೆ ವಹಿಸುವರು.

ಮುಖ್ಯ ಅತಿಥಿಗಳಾಗಿ ಕೊಪ್ಪಳ ಲೋಕಸಭಾ ಸಂಸದ ಕೆ. ರಾಜಶೇಖರ ಬಸವರಾಜ್ ಹಿಟ್ನಾಳ್, ಗಂಗಾವತಿ ಶಾಸಕ ಜಿ. ಜನಾರ್ಧನ ರೆಡ್ಡಿ, ವಿಧಾನ ಪರಿಷತ್ ಶಾಸಕರಾದ ಶರಣಗೌಡ ಅನ್ನದಾನಗೌಡ ಪಾಟೀಲ ಬಯ್ಯಾಪುರ, ಹೇಮಲತಾ ನಾಯಕ, ನಿವೇದಿತ ರಾ.ಡಿ. ಚಂದ್ರಶೇಖರ ಬಿ. ಪಾಟೀಲ, ಕರ್ನಾಟಕ ರಾಜ್ಯ ಉಗ್ರಾಣ ನಿಗಮದ ಅಧ್ಯಕ್ಷ ಹಸನಸಾಬ ದೋಟಿಹಾಳ, ನಗರಸಭೆ ಅಧ್ಯಕ್ಷ ಅಮ್ಜದ್ ಪಟೇಲ್ ಎಸ್.ಎಂ. ಪಟೇಲ್, ನಗರಾಭಿವೃದ್ಧಿ ಪ್ರಾಧಿಕಾರದ ಅಧ್ಯಕ್ಷ ಕೆ. ಶ್ರೀನಿವಾಸ ಗುಪ್ತಾ ಹಾಗೂ ಜಿಲ್ಲಾ ಗ್ಯಾರಂಟಿ ಯೋಜನೆಗಳ ಅನುಷ್ಠಾನ ಪ್ರಾಧಿಕಾರದ ಅಧ್ಯಕ್ಷ ರೆಡ್ಡಿ ಶ್ರೀನಿವಾಸ ಅವರು ಆಗಮಿಸುವರು.

ವಿಶೇಷ ಆಹ್ವಾನಿತರಾಗಿ ಯುವ ಸಬಲೀಕರಣ ಮತ್ತು ಕ್ರೀಡಾ ಇಲಾಖೆಯ ಸರ್ಕಾರದ ಪ್ರಧಾನ ಕಾರ್ಯದರ್ಶಿ ನವೀನ್‌ರಾಜ್

ನಗರಸಭಾ ಕಾರ್ಯಾಲಯ ಹೊಸಪೇಟೆ.
ಕ್ರಮ/ನಸಹೊ/ರೆವೆ/ಕೋಟೇಷನ್/01/2025-2026	ದಿನಾಂಕ:14-10-2025
ಕೋಟೇಷನ್ ಪ್ರಕಟಣೆ
ಹೊಸಪೇಟೆ ನಗರದ 01 ನೇವಾರ್ಡ್ 02 ನೇ ವಾರ್ಡಿನ ಜಲ ಶುದ್ಧೀಕರಣ ಘಟಕದ ಹಾಗೂ ಕುಡಿಯುವ ನೀರಿನ ಘಟಕಗಳ ನಿರ್ವಹಣೆ ಸಂಬಂಧ ಕೋಟೇಷನ್ ಆಹ್ವಾನಿಸಲಾಗಿದೆ. ಆಸಕ್ತರು ದಿನಾಂಕ:22.10.2025 ರಂದು ಸಂಜೆ 4.30 ರ ಒಳಗಾಗಿ ಕಚೇರಿಗೆ ಸಲ್ಲಿಸಬೇಕು. ಹೆಚ್ಚಿನ ವಿವರಗಳಿಗಾಗಿ ಕಚೇರಿ ಸಂಪರ್ಕಿಸಿ.
ಸೂಚನೆ: 1)ಕನಿಷ್ಠ ಮೂರು ಕೋಟೇಷನ್‌ಗಳನ್ನು ಸಲ್ಲಿಸಬೇಕು. 2) ಷರತ್ತು ಮಾಹಿತಿಗಾಗಿ ಕಾರ್ಯಾಲಯವನ್ನು ಸಂಪರ್ಕಿಸಿ.
ಸಹಿ/– ಸಹಾಯಕ ಕಾರ್ಯನಿರ್ವಾಹಕ ಅಭಿಯಂತರರು ನಗರಸಭೆ ಹೊಸಪೇಟೆ.
ಸಹಿ/–ಪೌರಾಯುಕ್ತರು, ನಗರಸಭೆ ಹೊಸಪೇಟೆ.
ವಾ.ಸಾ.ಇ/ಸಂ.ಬಿ/ಬಿಳ್ಳಾರಿ/ಜಾಹೀರಾತು/2025–26/ಮಾಹಿತಿ/ಅರ್.ಓ.ನಂ298
